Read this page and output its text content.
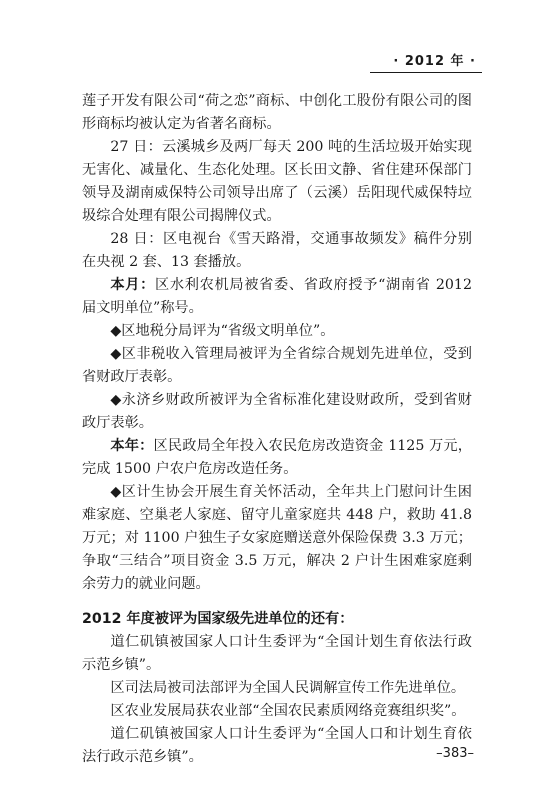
· 2012 年 ·

莲子开发有限公司“荷之恋”商标、中创化工股份有限公司的图形商标均被认定为省著名商标。

27 日：云溪城乡及两厂每天 200 吨的生活垃圾开始实现无害化、减量化、生态化处理。区长田文静、省住建环保部门领导及湖南威保特公司领导出席了（云溪）岳阳现代威保特垃圾综合处理有限公司揭牌仪式。

28 日：区电视台《雪天路滑，交通事故频发》稿件分别在央视 2 套、13 套播放。

本月：区水利农机局被省委、省政府授予“湖南省 2012 届文明单位”称号。

◆区地税分局评为“省级文明单位”。

◆区非税收入管理局被评为全省综合规划先进单位，受到省财政厅表彰。

◆永济乡财政所被评为全省标准化建设财政所，受到省财政厅表彰。

本年：区民政局全年投入农民危房改造资金 1125 万元，完成 1500 户农户危房改造任务。

◆区计生协会开展生育关怀活动，全年共上门慰问计生困难家庭、空巢老人家庭、留守儿童家庭共 448 户，救助 41.8 万元；对 1100 户独生子女家庭赠送意外保险保费 3.3 万元；争取“三结合”项目资金 3.5 万元，解决 2 户计生困难家庭剩余劳力的就业问题。

2012 年度被评为国家级先进单位的还有：

道仁矶镇被国家人口计生委评为“全国计划生育依法行政示范乡镇”。

区司法局被司法部评为全国人民调解宣传工作先进单位。

区农业发展局获农业部“全国农民素质网络竞赛组织奖”。

道仁矶镇被国家人口计生委评为“全国人口和计划生育依法行政示范乡镇”。	–383–
